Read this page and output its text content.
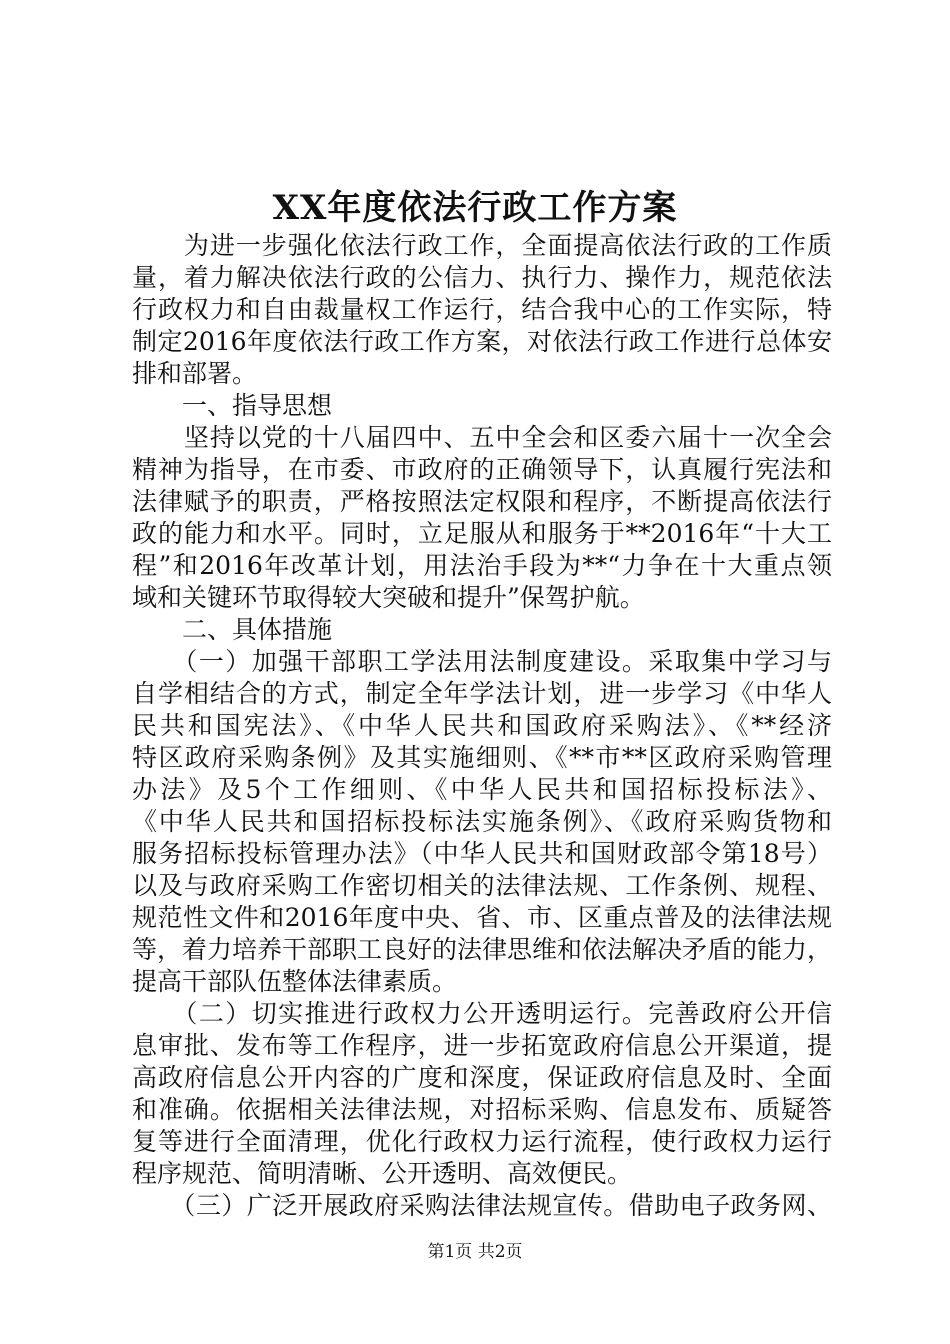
XX年度依法行政工作方案
　　为进一步强化依法行政工作，全面提高依法行政的工作质
量，着力解决依法行政的公信力、执行力、操作力，规范依法
行政权力和自由裁量权工作运行，结合我中心的工作实际，特
制定2016年度依法行政工作方案，对依法行政工作进行总体安
排和部署。
　　一、指导思想
　　坚持以党的十八届四中、五中全会和区委六届十一次全会
精神为指导，在市委、市政府的正确领导下，认真履行宪法和
法律赋予的职责，严格按照法定权限和程序，不断提高依法行
政的能力和水平。同时，立足服从和服务于**2016年“十大工
程”和2016年改革计划，用法治手段为**“力争在十大重点领
域和关键环节取得较大突破和提升”保驾护航。
　　二、具体措施
　　（一）加强干部职工学法用法制度建设。采取集中学习与
自学相结合的方式，制定全年学法计划，进一步学习《中华人
民共和国宪法》、《中华人民共和国政府采购法》、《**经济
特区政府采购条例》及其实施细则、《**市**区政府采购管理
办法》及5个工作细则、《中华人民共和国招标投标法》、
《中华人民共和国招标投标法实施条例》、《政府采购货物和
服务招标投标管理办法》（中华人民共和国财政部令第18号）
以及与政府采购工作密切相关的法律法规、工作条例、规程、
规范性文件和2016年度中央、省、市、区重点普及的法律法规
等，着力培养干部职工良好的法律思维和依法解决矛盾的能力，
提高干部队伍整体法律素质。
　　（二）切实推进行政权力公开透明运行。完善政府公开信
息审批、发布等工作程序，进一步拓宽政府信息公开渠道，提
高政府信息公开内容的广度和深度，保证政府信息及时、全面
和准确。依据相关法律法规，对招标采购、信息发布、质疑答
复等进行全面清理，优化行政权力运行流程，使行政权力运行
程序规范、简明清晰、公开透明、高效便民。
　　（三）广泛开展政府采购法律法规宣传。借助电子政务网、
第1页 共2页
